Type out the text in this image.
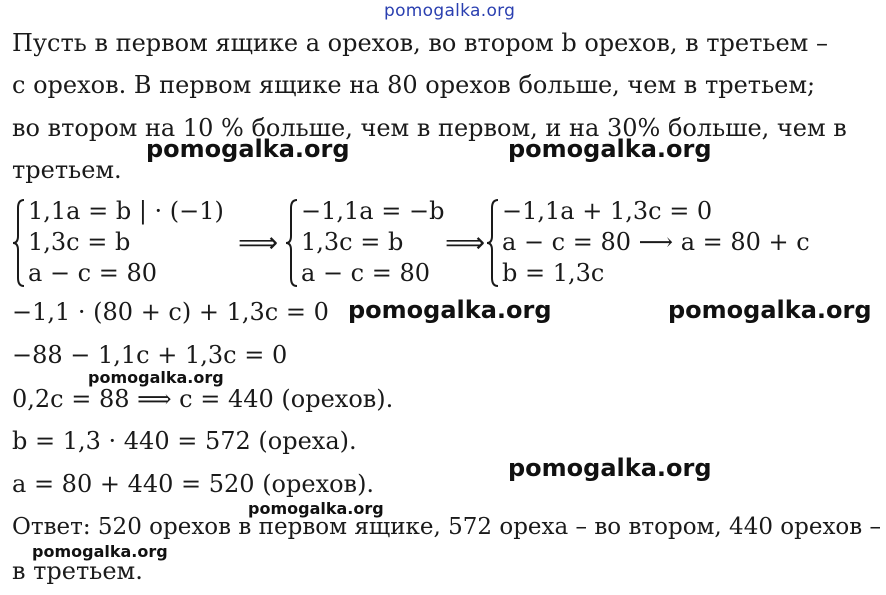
pomogalka.org
Пусть в первом ящике a орехов, во втором b орехов, в третьем –
c орехов. В первом ящике на 80 орехов больше, чем в третьем;
во втором на 10 % больше, чем в первом, и на 30% больше, чем в
третьем.
pomogalka.org	pomogalka.org
1,1a = b | · (−1)
1,3c = b
a − c = 80
⟹
−1,1a = −b
1,3c = b
a − c = 80
⟹
−1,1a + 1,3c = 0
a − c = 80 ⟶ a = 80 + c
b = 1,3c
−1,1 · (80 + c) + 1,3c = 0 pomogalka.org	pomogalka.org
−88 − 1,1c + 1,3c = 0
pomogalka.org
0,2c = 88 ⟹ c = 440 (орехов).
b = 1,3 · 440 = 572 (ореха).
pomogalka.org
a = 80 + 440 = 520 (орехов).
pomogalka.org
Ответ: 520 орехов в первом ящике, 572 ореха – во втором, 440 орехов –
pomogalka.org
в третьем.
